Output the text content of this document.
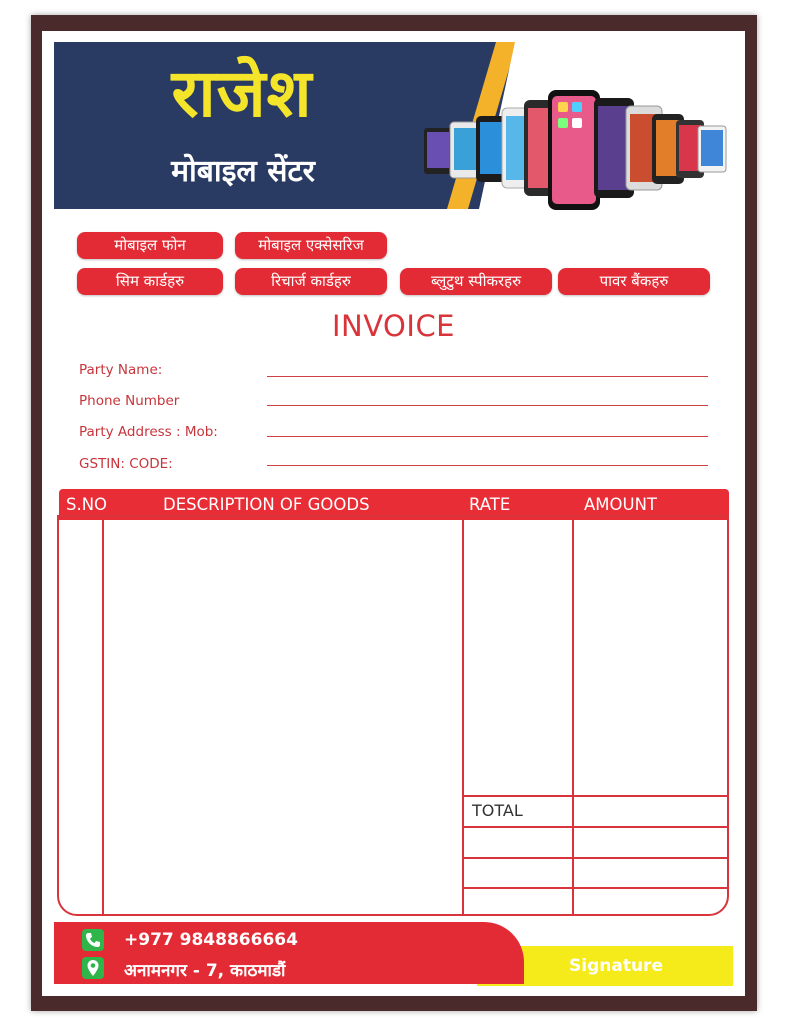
राजेश
मोबाइल सेंटर
मोबाइल फोन	मोबाइल एक्सेसरिज
सिम कार्डहरु	रिचार्ज कार्डहरु	ब्लुटुथ स्पीकरहरु	पावर बैंकहरु
INVOICE
Party Name:
Phone Number
Party Address : Mob:
GSTIN: CODE:
S.NO	DESCRIPTION OF GOODS	RATE	AMOUNT
TOTAL
Signature
+977 9848866664
अनामनगर - 7, काठमाडौं
